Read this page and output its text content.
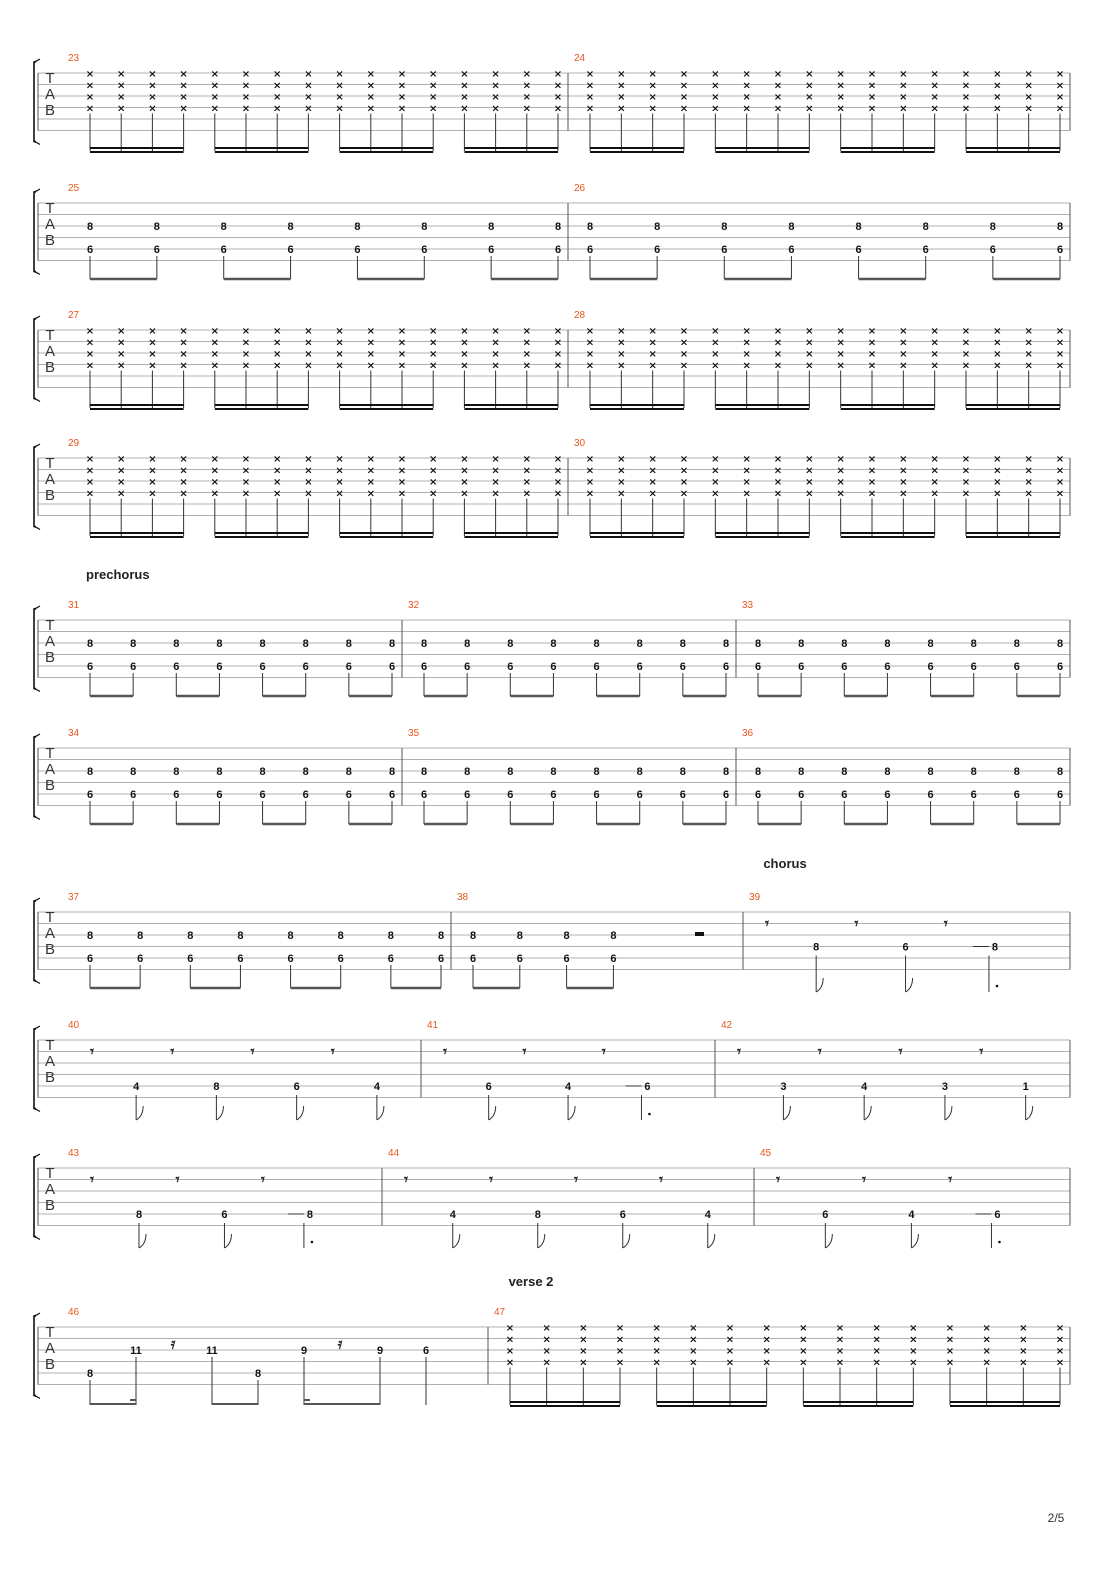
T
A
B
23
×
×
×
×
×
×
×
×
×
×
×
×
×
×
×
×
×
×
×
×
×
×
×
×
×
×
×
×
×
×
×
×
×
×
×
×
×
×
×
×
×
×
×
×
×
×
×
×
×
×
×
×
×
×
×
×
×
×
×
×
×
×
×
×
24
×
×
×
×
×
×
×
×
×
×
×
×
×
×
×
×
×
×
×
×
×
×
×
×
×
×
×
×
×
×
×
×
×
×
×
×
×
×
×
×
×
×
×
×
×
×
×
×
×
×
×
×
×
×
×
×
×
×
×
×
×
×
×
×
T
A
B
25
8
6
8
6
8
6
8
6
8
6
8
6
8
6
8
6
26
8
6
8
6
8
6
8
6
8
6
8
6
8
6
8
6
T
A
B
27
×
×
×
×
×
×
×
×
×
×
×
×
×
×
×
×
×
×
×
×
×
×
×
×
×
×
×
×
×
×
×
×
×
×
×
×
×
×
×
×
×
×
×
×
×
×
×
×
×
×
×
×
×
×
×
×
×
×
×
×
×
×
×
×
28
×
×
×
×
×
×
×
×
×
×
×
×
×
×
×
×
×
×
×
×
×
×
×
×
×
×
×
×
×
×
×
×
×
×
×
×
×
×
×
×
×
×
×
×
×
×
×
×
×
×
×
×
×
×
×
×
×
×
×
×
×
×
×
×
T
A
B
29
×
×
×
×
×
×
×
×
×
×
×
×
×
×
×
×
×
×
×
×
×
×
×
×
×
×
×
×
×
×
×
×
×
×
×
×
×
×
×
×
×
×
×
×
×
×
×
×
×
×
×
×
×
×
×
×
×
×
×
×
×
×
×
×
30
×
×
×
×
×
×
×
×
×
×
×
×
×
×
×
×
×
×
×
×
×
×
×
×
×
×
×
×
×
×
×
×
×
×
×
×
×
×
×
×
×
×
×
×
×
×
×
×
×
×
×
×
×
×
×
×
×
×
×
×
×
×
×
×
T
A
B
prechorus
31
8
6
8
6
8
6
8
6
8
6
8
6
8
6
8
6
32
8
6
8
6
8
6
8
6
8
6
8
6
8
6
8
6
33
8
6
8
6
8
6
8
6
8
6
8
6
8
6
8
6
T
A
B
34
8
6
8
6
8
6
8
6
8
6
8
6
8
6
8
6
35
8
6
8
6
8
6
8
6
8
6
8
6
8
6
8
6
36
8
6
8
6
8
6
8
6
8
6
8
6
8
6
8
6
T
A
B
chorus
37
8
6
8
6
8
6
8
6
8
6
8
6
8
6
8
6
38
8
6
8
6
8
6
8
6
39
𝄾
8
𝄾
6
𝄾
8
T
A
B
40
𝄾
4
𝄾
8
𝄾
6
𝄾
4
41
𝄾
6
𝄾
4
𝄾
6
42
𝄾
3
𝄾
4
𝄾
3
𝄾
1
T
A
B
43
𝄾
8
𝄾
6
𝄾
8
44
𝄾
4
𝄾
8
𝄾
6
𝄾
4
45
𝄾
6
𝄾
4
𝄾
6
T
A
B
verse 2
46
8
11	11
8
9	9	6
𝄿	𝄿
47
×
×
×
×
×
×
×
×
×
×
×
×
×
×
×
×
×
×
×
×
×
×
×
×
×
×
×
×
×
×
×
×
×
×
×
×
×
×
×
×
×
×
×
×
×
×
×
×
×
×
×
×
×
×
×
×
×
×
×
×
×
×
×
×
2/5
